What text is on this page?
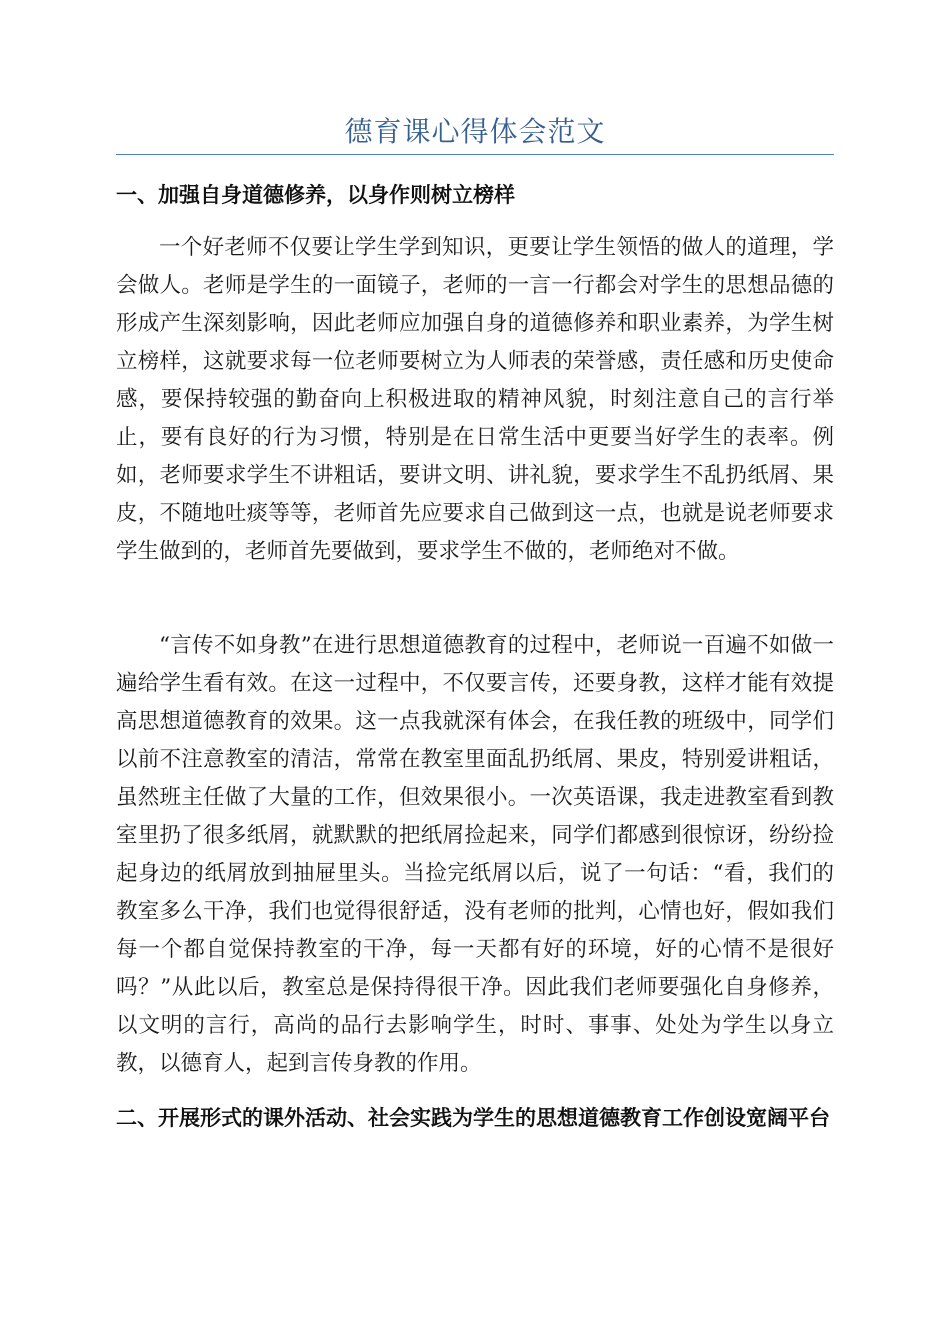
德育课心得体会范文
一、加强自身道德修养，以身作则树立榜样

一个好老师不仅要让学生学到知识，更要让学生领悟的做人的道理，学会做人。老师是学生的一面镜子，老师的一言一行都会对学生的思想品德的形成产生深刻影响，因此老师应加强自身的道德修养和职业素养，为学生树立榜样，这就要求每一位老师要树立为人师表的荣誉感，责任感和历史使命感，要保持较强的勤奋向上积极进取的精神风貌，时刻注意自己的言行举止，要有良好的行为习惯，特别是在日常生活中更要当好学生的表率。例如，老师要求学生不讲粗话，要讲文明、讲礼貌，要求学生不乱扔纸屑、果皮，不随地吐痰等等，老师首先应要求自己做到这一点，也就是说老师要求学生做到的，老师首先要做到，要求学生不做的，老师绝对不做。

“言传不如身教”在进行思想道德教育的过程中，老师说一百遍不如做一遍给学生看有效。在这一过程中，不仅要言传，还要身教，这样才能有效提高思想道德教育的效果。这一点我就深有体会，在我任教的班级中，同学们以前不注意教室的清洁，常常在教室里面乱扔纸屑、果皮，特别爱讲粗话，虽然班主任做了大量的工作，但效果很小。一次英语课，我走进教室看到教室里扔了很多纸屑，就默默的把纸屑捡起来，同学们都感到很惊讶，纷纷捡起身边的纸屑放到抽屉里头。当捡完纸屑以后，说了一句话：“看，我们的教室多么干净，我们也觉得很舒适，没有老师的批判，心情也好，假如我们每一个都自觉保持教室的干净，每一天都有好的环境，好的心情不是很好吗？”从此以后，教室总是保持得很干净。因此我们老师要强化自身修养，以文明的言行，高尚的品行去影响学生，时时、事事、处处为学生以身立教，以德育人，起到言传身教的作用。

二、开展形式的课外活动、社会实践为学生的思想道德教育工作创设宽阔平台
